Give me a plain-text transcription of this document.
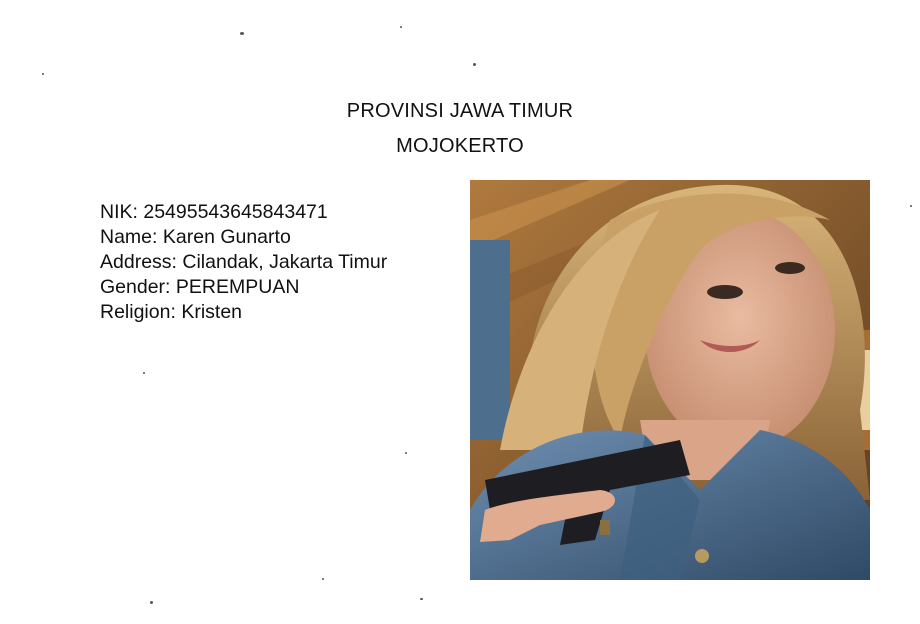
PROVINSI JAWA TIMUR
MOJOKERTO
NIK: 25495543645843471
Name: Karen Gunarto
Address: Cilandak, Jakarta Timur
Gender: PEREMPUAN
Religion: Kristen
